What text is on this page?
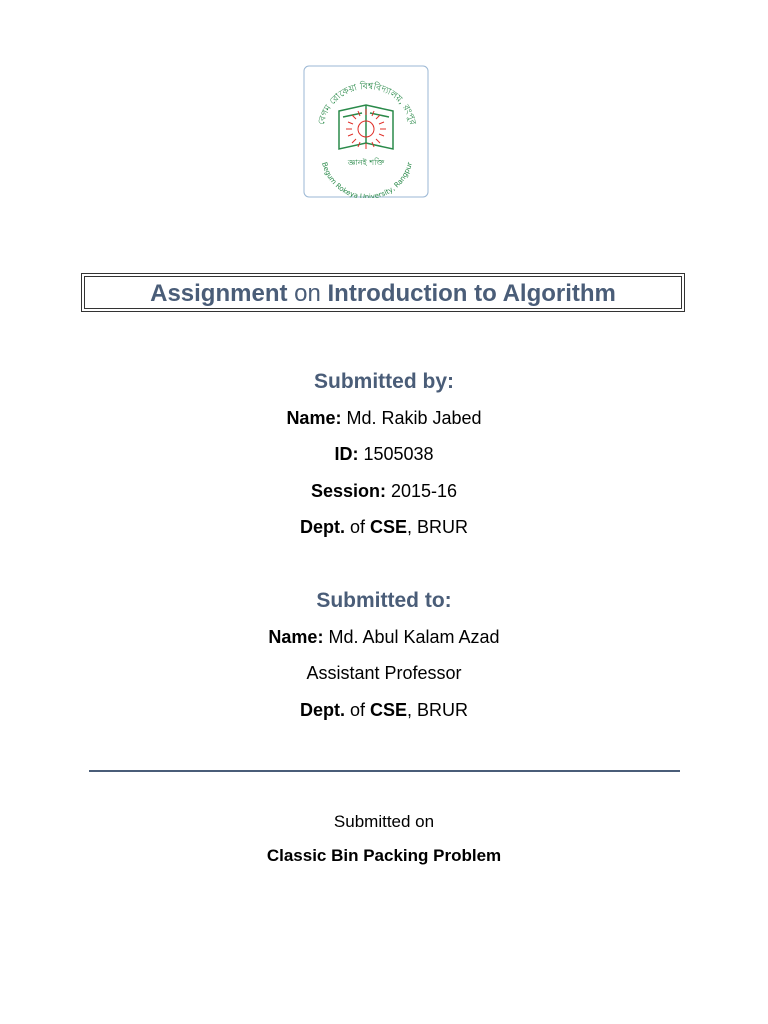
বেগম রোকেয়া বিশ্ববিদ্যালয়, রংপুর
জ্ঞানই শক্তি
Begum Rokeya University, Rangpur
Assignment on Introduction to Algorithm
Submitted by:
Name: Md. Rakib Jabed
ID: 1505038
Session: 2015-16
Dept. of CSE, BRUR
Submitted to:
Name: Md. Abul Kalam Azad
Assistant Professor
Dept. of CSE, BRUR
Submitted on
Classic Bin Packing Problem
